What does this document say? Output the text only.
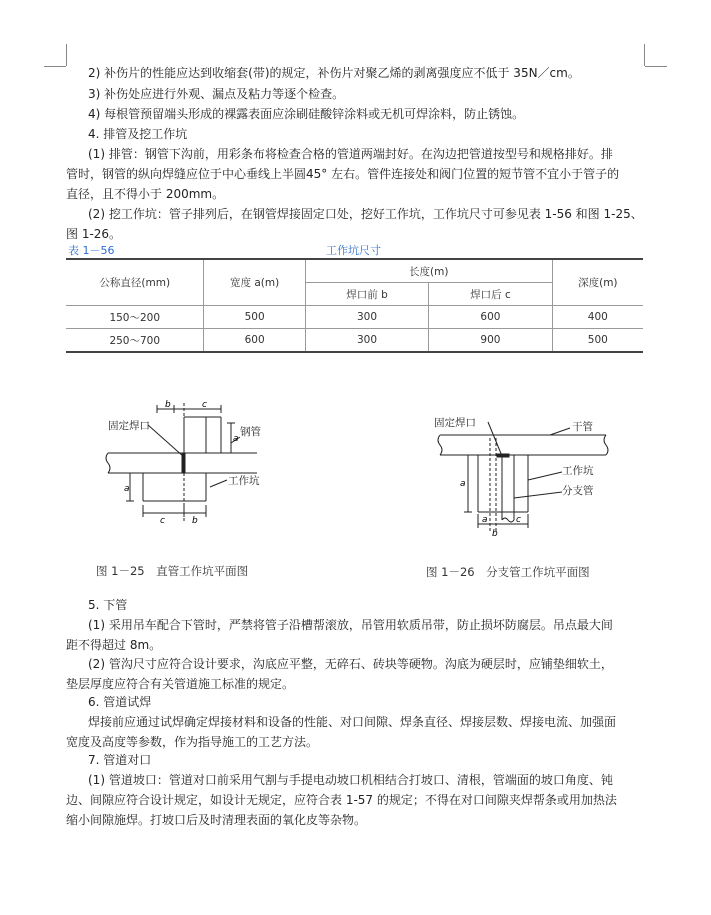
2) 补伤片的性能应达到收缩套(带)的规定，补伤片对聚乙烯的剥离强度应不低于 35N／cm。
3) 补伤处应进行外观、漏点及粘力等逐个检查。
4) 每根管预留端头形成的裸露表面应涂刷硅酸锌涂料或无机可焊涂料，防止锈蚀。
4. 排管及挖工作坑
(1) 排管：钢管下沟前，用彩条布将检查合格的管道两端封好。在沟边把管道按型号和规格排好。排
管时，钢管的纵向焊缝应位于中心垂线上半圆45° 左右。管件连接处和阀门位置的短节管不宜小于管子的
直径，且不得小于 200mm。
(2) 挖工作坑：管子排列后，在钢管焊接固定口处，挖好工作坑，工作坑尺寸可参见表 1-56 和图 1-25、
图 1-26。
表 1－56	工作坑尺寸
公称直径(mm)	宽度 a(m)	长度(m)		深度(m)
		焊口前 b	焊口后 c	
150～200	500	300	600	400
250～700	600	300	900	500
b	c
a
a
c	b
固定焊口	钢管
工作坑
图 1－25　直管工作坑平面图
固定焊口	干管
工作坑
分支管
a
a
b
c
图 1－26　分支管工作坑平面图
5. 下管
(1) 采用吊车配合下管时，严禁将管子沿槽帮滚放，吊管用软质吊带，防止损坏防腐层。吊点最大间
距不得超过 8m。
(2) 管沟尺寸应符合设计要求，沟底应平整，无碎石、砖块等硬物。沟底为硬层时，应铺垫细软土，
垫层厚度应符合有关管道施工标准的规定。
6. 管道试焊
焊接前应通过试焊确定焊接材料和设备的性能、对口间隙、焊条直径、焊接层数、焊接电流、加强面
宽度及高度等参数，作为指导施工的工艺方法。
7. 管道对口
(1) 管道坡口：管道对口前采用气割与手提电动坡口机相结合打坡口、清根，管端面的坡口角度、钝
边、间隙应符合设计规定，如设计无规定，应符合表 1-57 的规定；不得在对口间隙夹焊帮条或用加热法
缩小间隙施焊。打坡口后及时清理表面的氧化皮等杂物。
